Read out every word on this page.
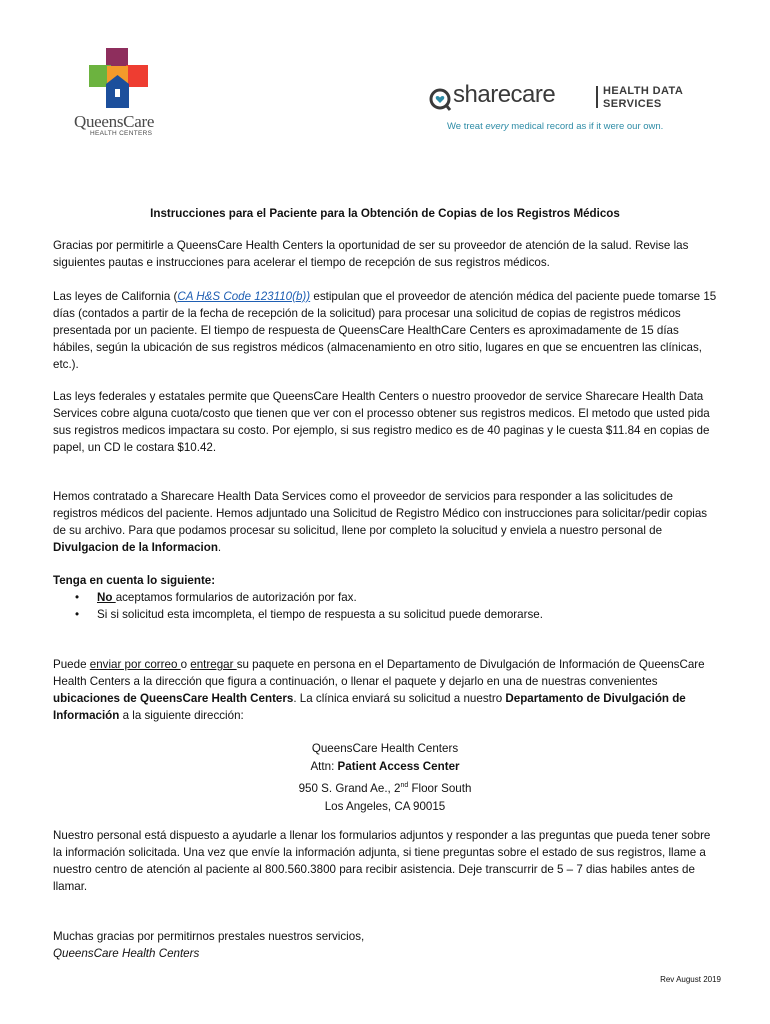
QueensCare
HEALTH CENTERS
sharecare	HEALTH DATA
SERVICES
We treat every medical record as if it were our own.

Instrucciones para el Paciente para la Obtención de Copias de los Registros Médicos

Gracias por permitirle a QueensCare Health Centers la oportunidad de ser su proveedor de atención de la salud. Revise las siguientes pautas e instrucciones para acelerar el tiempo de recepción de sus registros médicos.

Las leyes de California (CA H&S Code 123110(b)) estipulan que el proveedor de atención médica del paciente puede tomarse 15 días (contados a partir de la fecha de recepción de la solicitud) para procesar una solicitud de copias de registros médicos presentada por un paciente. El tiempo de respuesta de QueensCare HealthCare Centers es aproximadamente de 15 días hábiles, según la ubicación de sus registros médicos (almacenamiento en otro sitio, lugares en que se encuentren las clínicas, etc.).

Las leys federales y estatales permite que QueensCare Health Centers o nuestro proovedor de service Sharecare Health Data Services cobre alguna cuota/costo que tienen que ver con el processo obtener sus registros medicos. El metodo que usted pida sus registros medicos impactara su costo. Por ejemplo, si sus registro medico es de 40 paginas y le cuesta $11.84 en copias de papel, un CD le costara $10.42.

Hemos contratado a Sharecare Health Data Services como el proveedor de servicios para responder a las solicitudes de registros médicos del paciente. Hemos adjuntado una Solicitud de Registro Médico con instrucciones para solicitar/pedir copias de su archivo. Para que podamos procesar su solicitud, llene por completo la solucitud y enviela a nuestro personal de Divulgacion de la Informacion.

Tenga en cuenta lo siguiente:

• No aceptamos formularios de autorización por fax.

• Si si solicitud esta imcompleta, el tiempo de respuesta a su solicitud puede demorarse.

Puede enviar por correo o entregar su paquete en persona en el Departamento de Divulgación de Información de QueensCare Health Centers a la dirección que figura a continuación, o llenar el paquete y dejarlo en una de nuestras convenientes ubicaciones de QueensCare Health Centers. La clínica enviará su solicitud a nuestro Departamento de Divulgación de Información a la siguiente dirección:

QueensCare Health Centers
Attn: Patient Access Center
950 S. Grand Ae., 2nd Floor South
Los Angeles, CA 90015

Nuestro personal está dispuesto a ayudarle a llenar los formularios adjuntos y responder a las preguntas que pueda tener sobre la información solicitada. Una vez que envíe la información adjunta, si tiene preguntas sobre el estado de sus registros, llame a nuestro centro de atención al paciente al 800.560.3800 para recibir asistencia. Deje transcurrir de 5 – 7 dias habiles antes de llamar.

Muchas gracias por permitirnos prestales nuestros servicios,

QueensCare Health Centers

Rev August 2019
